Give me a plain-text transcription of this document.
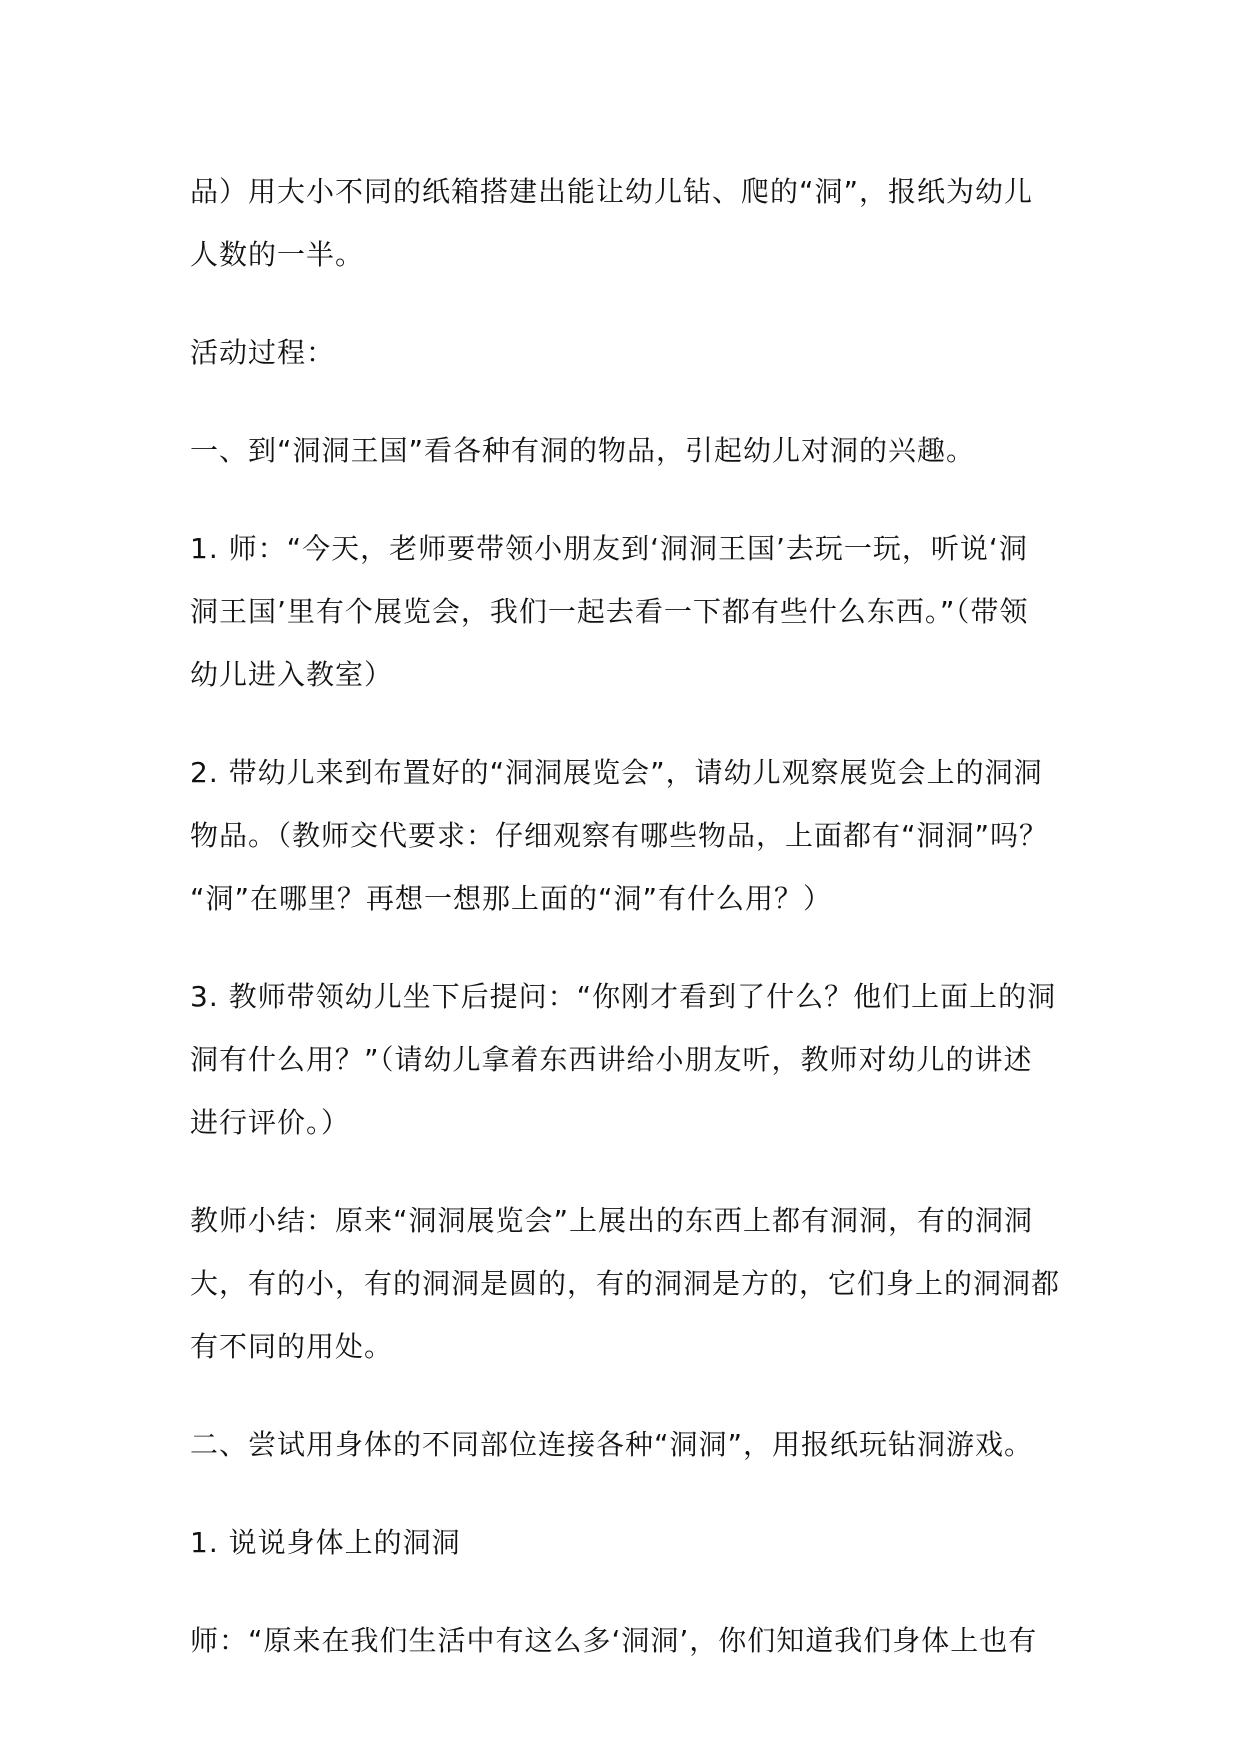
品）用大小不同的纸箱搭建出能让幼儿钻、爬的“洞”，报纸为幼儿
人数的一半。

活动过程：

一、到“洞洞王国”看各种有洞的物品，引起幼儿对洞的兴趣。

1. 师：“今天，老师要带领小朋友到‘洞洞王国’去玩一玩，听说‘洞
洞王国’里有个展览会，我们一起去看一下都有些什么东西。”（带领
幼儿进入教室）

2. 带幼儿来到布置好的“洞洞展览会”，请幼儿观察展览会上的洞洞
物品。（教师交代要求：仔细观察有哪些物品，上面都有“洞洞”吗？
“洞”在哪里？再想一想那上面的“洞”有什么用？）

3. 教师带领幼儿坐下后提问：“你刚才看到了什么？他们上面上的洞
洞有什么用？”（请幼儿拿着东西讲给小朋友听，教师对幼儿的讲述
进行评价。）

教师小结：原来“洞洞展览会”上展出的东西上都有洞洞，有的洞洞
大，有的小，有的洞洞是圆的，有的洞洞是方的，它们身上的洞洞都
有不同的用处。

二、尝试用身体的不同部位连接各种“洞洞”，用报纸玩钻洞游戏。

1. 说说身体上的洞洞

师：“原来在我们生活中有这么多‘洞洞’，你们知道我们身体上也有
